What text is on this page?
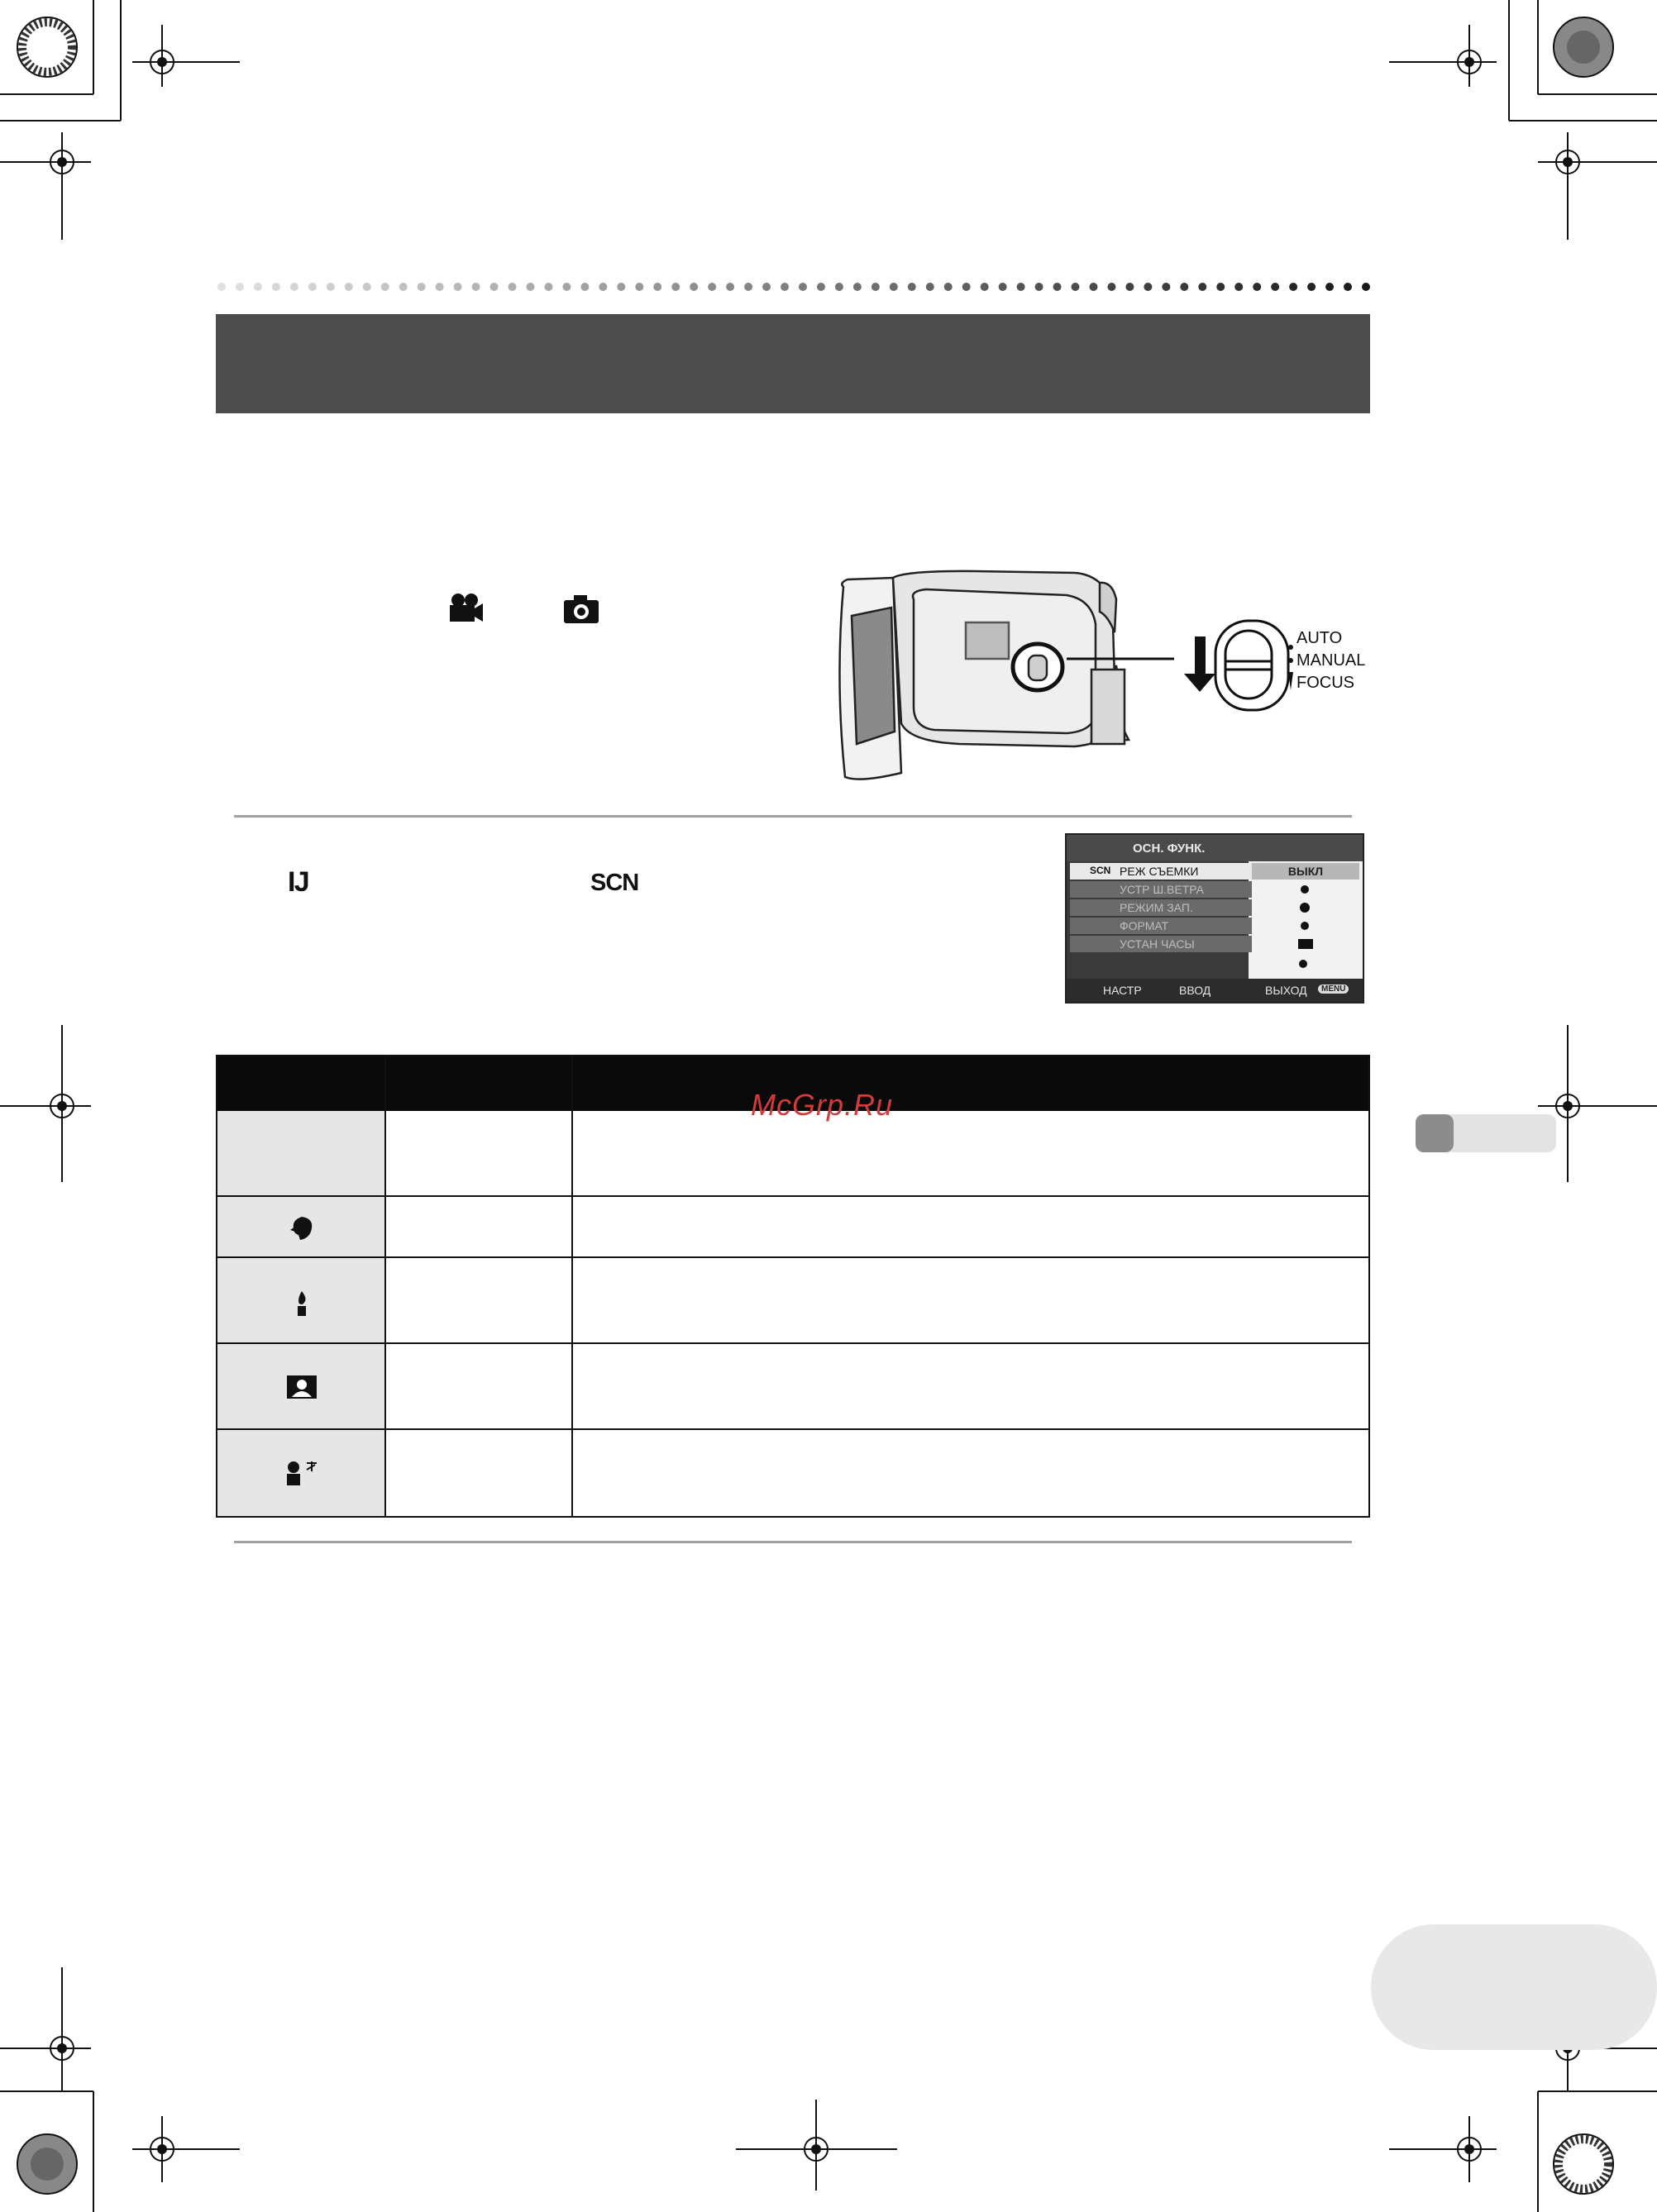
AUTO
MANUAL
FOCUS
Ĳ	SCN
ОСН. ФУНК.
ВЫКЛ
SCN РЕЖ СЪЕМКИ
УСТР Ш.ВЕТРА
РЕЖИМ ЗАП.
ФОРМАТ
УСТАН ЧАСЫ
НАСТР	ВВОД	ВЫХОД	MENU
McGrp.Ru
